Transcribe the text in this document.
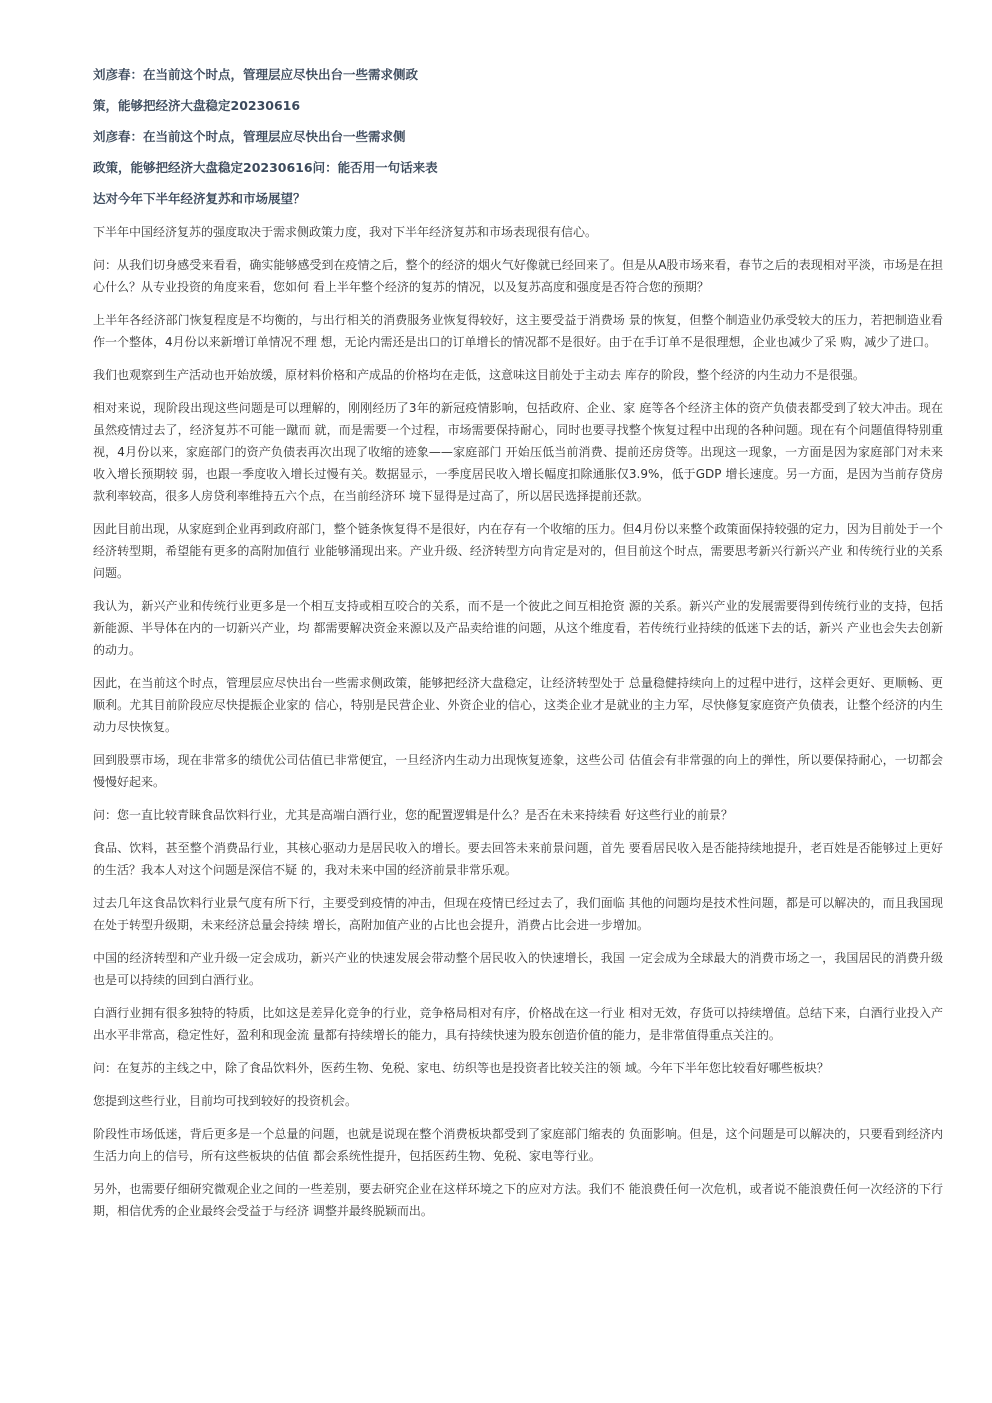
刘彦春：在当前这个时点，管理层应尽快出台一些需求侧政
策，能够把经济大盘稳定20230616
刘彦春：在当前这个时点，管理层应尽快出台一些需求侧
政策，能够把经济大盘稳定20230616问：能否用一句话来表
达对今年下半年经济复苏和市场展望？

下半年中国经济复苏的强度取决于需求侧政策力度，我对下半年经济复苏和市场表现很有信心。

问：从我们切身感受来看看，确实能够感受到在疫情之后，整个的经济的烟火气好像就已经回来了。但是从A股市场来看，春节之后的表现相对平淡，市场是在担心什么？从专业投资的角度来看，您如何 看上半年整个经济的复苏的情况，以及复苏高度和强度是否符合您的预期？

上半年各经济部门恢复程度是不均衡的，与出行相关的消费服务业恢复得较好，这主要受益于消费场 景的恢复，但整个制造业仍承受较大的压力，若把制造业看作一个整体，4月份以来新增订单情况不理 想，无论内需还是出口的订单增长的情况都不是很好。由于在手订单不是很理想，企业也减少了采 购，减少了进口。

我们也观察到生产活动也开始放缓，原材料价格和产成品的价格均在走低，这意味这目前处于主动去 库存的阶段，整个经济的内生动力不是很强。

相对来说，现阶段出现这些问题是可以理解的，刚刚经历了3年的新冠疫情影响，包括政府、企业、家 庭等各个经济主体的资产负债表都受到了较大冲击。现在虽然疫情过去了，经济复苏不可能一蹴而 就，而是需要一个过程，市场需要保持耐心，同时也要寻找整个恢复过程中出现的各种问题。现在有个问题值得特别重视，4月份以来，家庭部门的资产负债表再次出现了收缩的迹象——家庭部门 开始压低当前消费、提前还房贷等。出现这一现象，一方面是因为家庭部门对未来收入增长预期较 弱，也跟一季度收入增长过慢有关。数据显示，一季度居民收入增长幅度扣除通胀仅3.9%，低于GDP 增长速度。另一方面，是因为当前存贷房款利率较高，很多人房贷利率维持五六个点，在当前经济环 境下显得是过高了，所以居民选择提前还款。

因此目前出现，从家庭到企业再到政府部门，整个链条恢复得不是很好，内在存有一个收缩的压力。但4月份以来整个政策面保持较强的定力，因为目前处于一个经济转型期，希望能有更多的高附加值行 业能够涌现出来。产业升级、经济转型方向肯定是对的，但目前这个时点，需要思考新兴行新兴产业 和传统行业的关系问题。

我认为，新兴产业和传统行业更多是一个相互支持或相互咬合的关系，而不是一个彼此之间互相抢资 源的关系。新兴产业的发展需要得到传统行业的支持，包括新能源、半导体在内的一切新兴产业，均 都需要解决资金来源以及产品卖给谁的问题，从这个维度看，若传统行业持续的低迷下去的话，新兴 产业也会失去创新的动力。

因此，在当前这个时点，管理层应尽快出台一些需求侧政策，能够把经济大盘稳定，让经济转型处于 总量稳健持续向上的过程中进行，这样会更好、更顺畅、更顺利。尤其目前阶段应尽快提振企业家的 信心，特别是民营企业、外资企业的信心，这类企业才是就业的主力军，尽快修复家庭资产负债表，让整个经济的内生动力尽快恢复。

回到股票市场，现在非常多的绩优公司估值已非常便宜，一旦经济内生动力出现恢复迹象，这些公司 估值会有非常强的向上的弹性，所以要保持耐心，一切都会慢慢好起来。

问：您一直比较青睐食品饮料行业，尤其是高端白酒行业，您的配置逻辑是什么？是否在未来持续看 好这些行业的前景？

食品、饮料，甚至整个消费品行业，其核心驱动力是居民收入的增长。要去回答未来前景问题，首先 要看居民收入是否能持续地提升，老百姓是否能够过上更好的生活？我本人对这个问题是深信不疑 的，我对未来中国的经济前景非常乐观。

过去几年这食品饮料行业景气度有所下行，主要受到疫情的冲击，但现在疫情已经过去了，我们面临 其他的问题均是技术性问题，都是可以解决的，而且我国现在处于转型升级期，未来经济总量会持续 增长，高附加值产业的占比也会提升，消费占比会进一步增加。

中国的经济转型和产业升级一定会成功，新兴产业的快速发展会带动整个居民收入的快速增长，我国 一定会成为全球最大的消费市场之一，我国居民的消费升级也是可以持续的回到白酒行业。

白酒行业拥有很多独特的特质，比如这是差异化竞争的行业，竞争格局相对有序，价格战在这一行业 相对无效，存货可以持续增值。总结下来，白酒行业投入产出水平非常高，稳定性好，盈利和现金流 量都有持续增长的能力，具有持续快速为股东创造价值的能力，是非常值得重点关注的。

问：在复苏的主线之中，除了食品饮料外，医药生物、免税、家电、纺织等也是投资者比较关注的领 域。今年下半年您比较看好哪些板块？

您提到这些行业，目前均可找到较好的投资机会。

阶段性市场低迷，背后更多是一个总量的问题，也就是说现在整个消费板块都受到了家庭部门缩表的 负面影响。但是，这个问题是可以解决的，只要看到经济内生活力向上的信号，所有这些板块的估值 都会系统性提升，包括医药生物、免税、家电等行业。

另外，也需要仔细研究微观企业之间的一些差别，要去研究企业在这样环境之下的应对方法。我们不 能浪费任何一次危机，或者说不能浪费任何一次经济的下行期，相信优秀的企业最终会受益于与经济 调整并最终脱颖而出。
